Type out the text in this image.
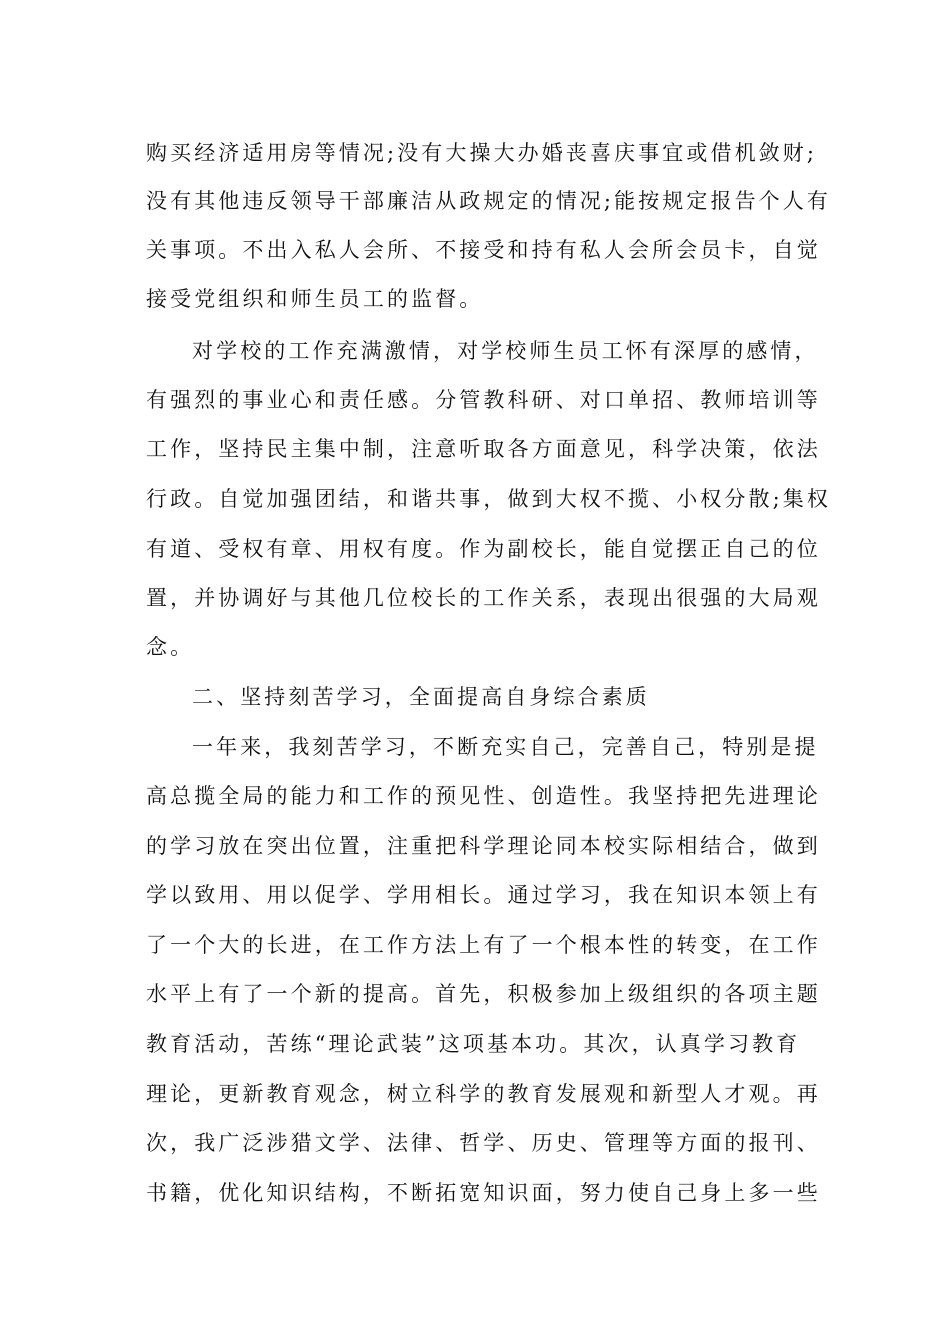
购买经济适用房等情况;没有大操大办婚丧喜庆事宜或借机敛财;
没有其他违反领导干部廉洁从政规定的情况;能按规定报告个人有
关事项。不出入私人会所、不接受和持有私人会所会员卡，自觉
接受党组织和师生员工的监督。
对学校的工作充满激情，对学校师生员工怀有深厚的感情，
有强烈的事业心和责任感。分管教科研、对口单招、教师培训等
工作，坚持民主集中制，注意听取各方面意见，科学决策，依法
行政。自觉加强团结，和谐共事，做到大权不揽、小权分散;集权
有道、受权有章、用权有度。作为副校长，能自觉摆正自己的位
置，并协调好与其他几位校长的工作关系，表现出很强的大局观
念。
二、坚持刻苦学习，全面提高自身综合素质
一年来，我刻苦学习，不断充实自己，完善自己，特别是提
高总揽全局的能力和工作的预见性、创造性。我坚持把先进理论
的学习放在突出位置，注重把科学理论同本校实际相结合，做到
学以致用、用以促学、学用相长。通过学习，我在知识本领上有
了一个大的长进，在工作方法上有了一个根本性的转变，在工作
水平上有了一个新的提高。首先，积极参加上级组织的各项主题
教育活动，苦练“理论武装”这项基本功。其次，认真学习教育
理论，更新教育观念，树立科学的教育发展观和新型人才观。再
次，我广泛涉猎文学、法律、哲学、历史、管理等方面的报刊、
书籍，优化知识结构，不断拓宽知识面，努力使自己身上多一些
